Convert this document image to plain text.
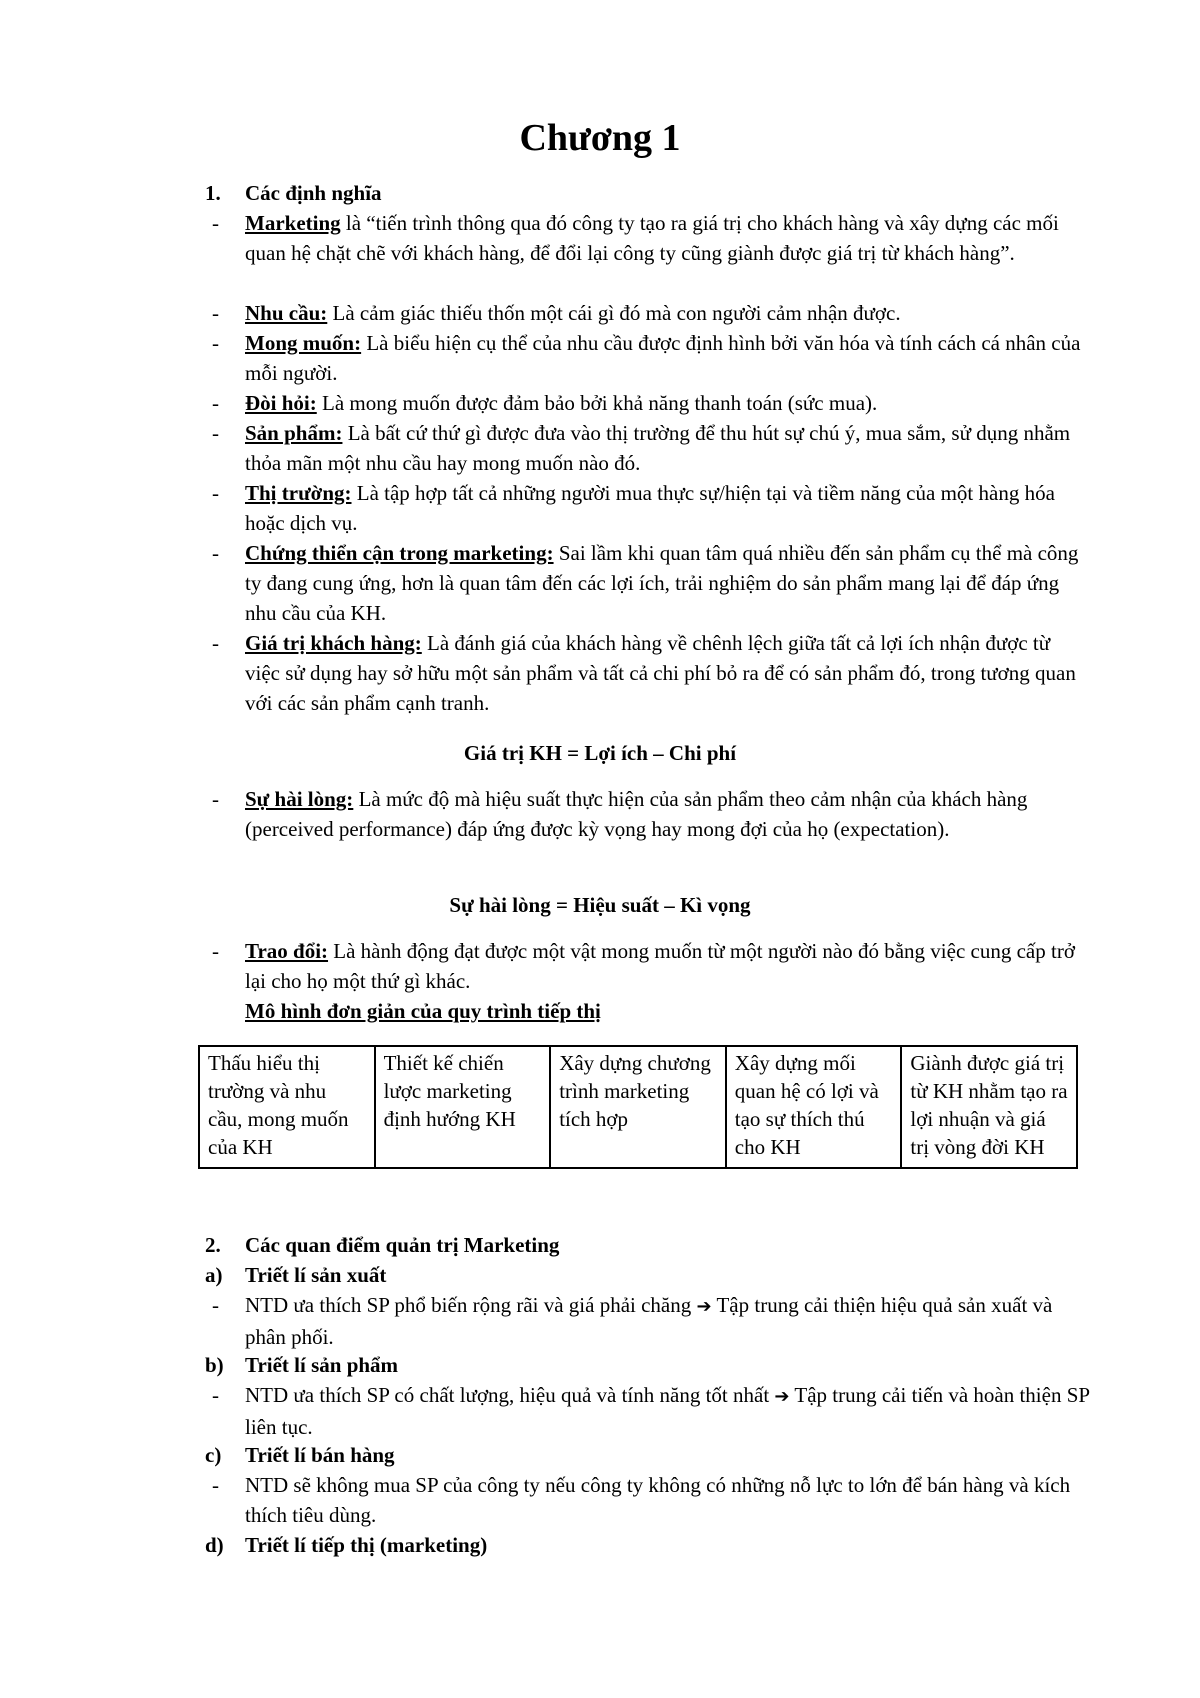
Chương 1
1. Các định nghĩa
- Marketing là “tiến trình thông qua đó công ty tạo ra giá trị cho khách hàng và xây dựng các mối quan hệ chặt chẽ với khách hàng, để đổi lại công ty cũng giành được giá trị từ khách hàng”.
- Nhu cầu: Là cảm giác thiếu thốn một cái gì đó mà con người cảm nhận được.
- Mong muốn: Là biểu hiện cụ thể của nhu cầu được định hình bởi văn hóa và tính cách cá nhân của mỗi người.
- Đòi hỏi: Là mong muốn được đảm bảo bởi khả năng thanh toán (sức mua).
- Sản phẩm: Là bất cứ thứ gì được đưa vào thị trường để thu hút sự chú ý, mua sắm, sử dụng nhằm thỏa mãn một nhu cầu hay mong muốn nào đó.
- Thị trường: Là tập hợp tất cả những người mua thực sự/hiện tại và tiềm năng của một hàng hóa hoặc dịch vụ.
- Chứng thiển cận trong marketing: Sai lầm khi quan tâm quá nhiều đến sản phẩm cụ thể mà công ty đang cung ứng, hơn là quan tâm đến các lợi ích, trải nghiệm do sản phẩm mang lại để đáp ứng nhu cầu của KH.
- Giá trị khách hàng: Là đánh giá của khách hàng về chênh lệch giữa tất cả lợi ích nhận được từ việc sử dụng hay sở hữu một sản phẩm và tất cả chi phí bỏ ra để có sản phẩm đó, trong tương quan với các sản phẩm cạnh tranh.
Giá trị KH = Lợi ích – Chi phí
- Sự hài lòng: Là mức độ mà hiệu suất thực hiện của sản phẩm theo cảm nhận của khách hàng (perceived performance) đáp ứng được kỳ vọng hay mong đợi của họ (expectation).
Sự hài lòng = Hiệu suất – Kì vọng
- Trao đổi: Là hành động đạt được một vật mong muốn từ một người nào đó bằng việc cung cấp trở lại cho họ một thứ gì khác.
Mô hình đơn giản của quy trình tiếp thị
Thấu hiểu thị trường và nhu cầu, mong muốn của KH	Thiết kế chiến lược marketing định hướng KH	Xây dựng chương trình marketing tích hợp	Xây dựng mối quan hệ có lợi và tạo sự thích thú cho KH	Giành được giá trị từ KH nhằm tạo ra lợi nhuận và giá trị vòng đời KH
2. Các quan điểm quản trị Marketing
a) Triết lí sản xuất
- NTD ưa thích SP phổ biến rộng rãi và giá phải chăng ➔ Tập trung cải thiện hiệu quả sản xuất và phân phối.
b) Triết lí sản phẩm
- NTD ưa thích SP có chất lượng, hiệu quả và tính năng tốt nhất ➔ Tập trung cải tiến và hoàn thiện SP liên tục.
c) Triết lí bán hàng
- NTD sẽ không mua SP của công ty nếu công ty không có những nỗ lực to lớn để bán hàng và kích thích tiêu dùng.
d) Triết lí tiếp thị (marketing)
